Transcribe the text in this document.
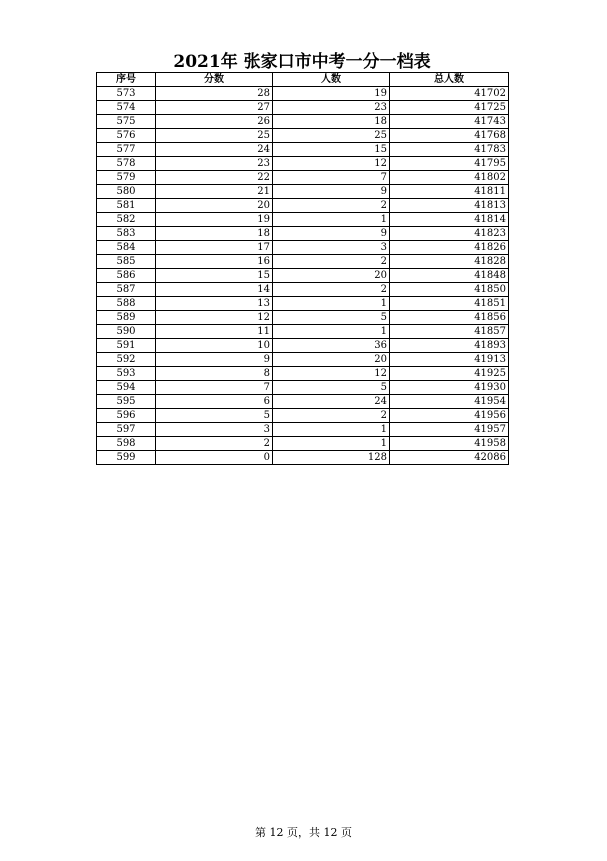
2021年 张家口市中考一分一档表
序号	分数	人数	总人数
573	28	19	41702
574	27	23	41725
575	26	18	41743
576	25	25	41768
577	24	15	41783
578	23	12	41795
579	22	7	41802
580	21	9	41811
581	20	2	41813
582	19	1	41814
583	18	9	41823
584	17	3	41826
585	16	2	41828
586	15	20	41848
587	14	2	41850
588	13	1	41851
589	12	5	41856
590	11	1	41857
591	10	36	41893
592	9	20	41913
593	8	12	41925
594	7	5	41930
595	6	24	41954
596	5	2	41956
597	3	1	41957
598	2	1	41958
599	0	128	42086
第 12 页，共 12 页
